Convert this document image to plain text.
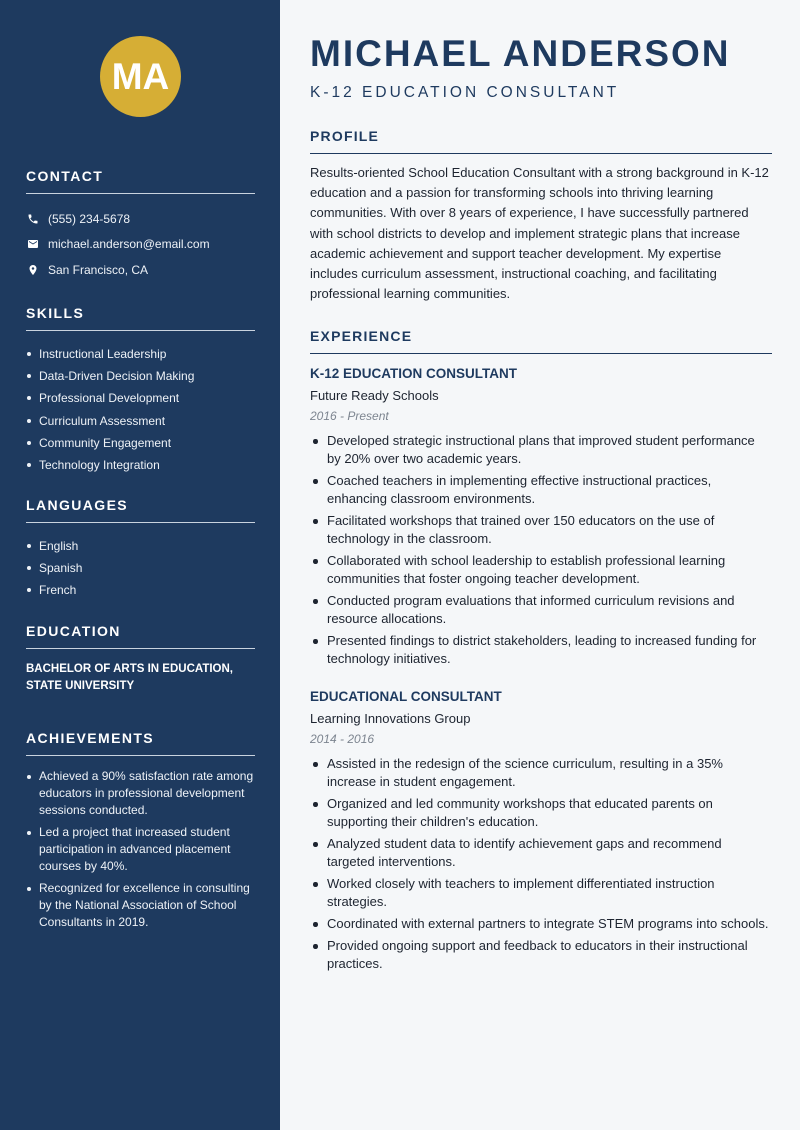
MA
CONTACT
(555) 234-5678
michael.anderson@email.com
San Francisco, CA
SKILLS
Instructional Leadership
Data-Driven Decision Making
Professional Development
Curriculum Assessment
Community Engagement
Technology Integration
LANGUAGES
English
Spanish
French
EDUCATION
BACHELOR OF ARTS IN EDUCATION, STATE UNIVERSITY
ACHIEVEMENTS
Achieved a 90% satisfaction rate among educators in professional development sessions conducted.
Led a project that increased student participation in advanced placement courses by 40%.
Recognized for excellence in consulting by the National Association of School Consultants in 2019.
MICHAEL ANDERSON
K-12 EDUCATION CONSULTANT
PROFILE

Results-oriented School Education Consultant with a strong background in K-12 education and a passion for transforming schools into thriving learning communities. With over 8 years of experience, I have successfully partnered with school districts to develop and implement strategic plans that increase academic achievement and support teacher development. My expertise includes curriculum assessment, instructional coaching, and facilitating professional learning communities.

EXPERIENCE
K-12 EDUCATION CONSULTANT
Future Ready Schools
2016 - Present
Developed strategic instructional plans that improved student performance by 20% over two academic years.
Coached teachers in implementing effective instructional practices, enhancing classroom environments.
Facilitated workshops that trained over 150 educators on the use of technology in the classroom.
Collaborated with school leadership to establish professional learning communities that foster ongoing teacher development.
Conducted program evaluations that informed curriculum revisions and resource allocations.
Presented findings to district stakeholders, leading to increased funding for technology initiatives.
EDUCATIONAL CONSULTANT
Learning Innovations Group
2014 - 2016
Assisted in the redesign of the science curriculum, resulting in a 35% increase in student engagement.
Organized and led community workshops that educated parents on supporting their children's education.
Analyzed student data to identify achievement gaps and recommend targeted interventions.
Worked closely with teachers to implement differentiated instruction strategies.
Coordinated with external partners to integrate STEM programs into schools.
Provided ongoing support and feedback to educators in their instructional practices.
